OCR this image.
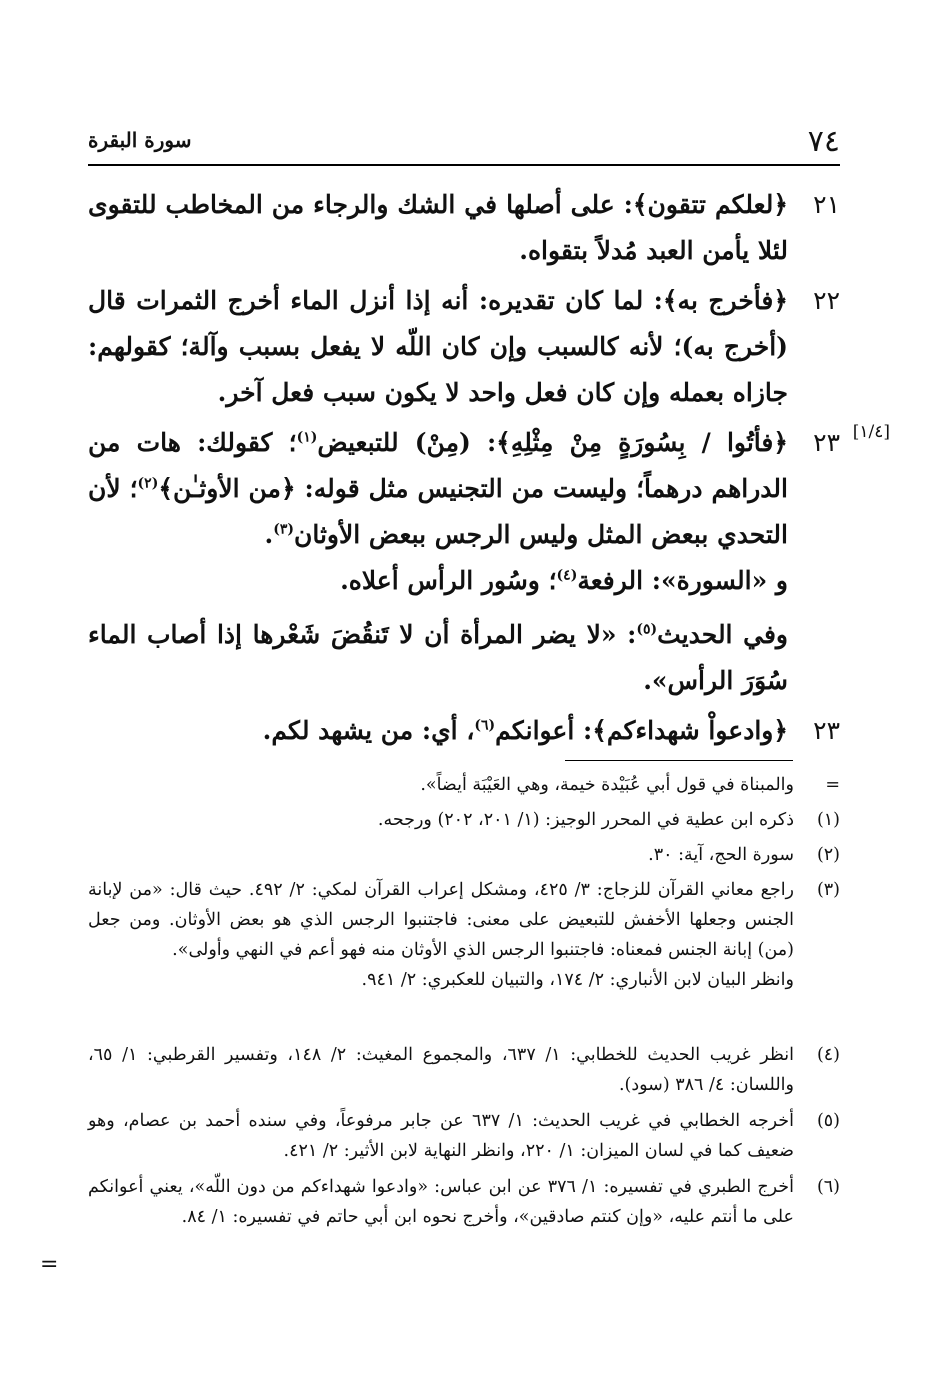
٧٤
سورة البقرة
٢١
﴿لعلكم تتقون﴾: على أصلها في الشك والرجاء من المخاطب للتقوى لئلا يأمن العبد مُدلاً بتقواه.
٢٢
﴿فأخرج به﴾: لما كان تقديره: أنه إذا أنزل الماء أخرج الثمرات قال (أخرج به)؛ لأنه كالسبب وإن كان اللّه لا يفعل بسبب وآلة؛ كقولهم: جازاه بعمله وإن كان فعل واحد لا يكون سبب فعل آخر.
٢٣ [١/٤]
﴿فأتُوا / بِسُورَةٍ مِنْ مِثْلِهِ﴾: (مِنْ) للتبعيض$^{(١)}$؛ كقولك: هات من الدراهم درهماً؛ وليست من التجنيس مثل قوله: ﴿من الأوثـٰن﴾$^{(٢)}$؛ لأن التحدي ببعض المثل وليس الرجس ببعض الأوثان$^{(٣)}$.
و «السورة»: الرفعة$^{(٤)}$؛ وسُور الرأس أعلاه.
وفي الحديث$^{(٥)}$: «لا يضر المرأة أن لا تَنقُضَ شَعْرها إذا أصاب الماء سُوَرَ الرأس».
٢٣
﴿وادعواْ شهداءكم﴾: أعوانكم$^{(٦)}$، أي: من يشهد لكم.
=
والمبناة في قول أبي عُبَيْدة خيمة، وهي العَيْبَة أيضاً».
(١)
ذكره ابن عطية في المحرر الوجيز: (١/ ٢٠١، ٢٠٢) ورجحه.
(٢)
سورة الحج، آية: ٣٠.
(٣)
راجع معاني القرآن للزجاج: ٣/ ٤٢٥، ومشكل إعراب القرآن لمكي: ٢/ ٤٩٢. حيث قال: «من لإبانة الجنس وجعلها الأخفش للتبعيض على معنى: فاجتنبوا الرجس الذي هو بعض الأوثان. ومن جعل (من) إبانة الجنس فمعناه: فاجتنبوا الرجس الذي الأوثان منه فهو أعم في النهي وأولى».
وانظر البيان لابن الأنباري: ٢/ ١٧٤، والتبيان للعكبري: ٢/ ٩٤١.
(٤)
انظر غريب الحديث للخطابي: ١/ ٦٣٧، والمجموع المغيث: ٢/ ١٤٨، وتفسير القرطبي: ١/ ٦٥، واللسان: ٤/ ٣٨٦ (سود).
(٥)
أخرجه الخطابي في غريب الحديث: ١/ ٦٣٧ عن جابر مرفوعاً، وفي سنده أحمد بن عصام، وهو ضعيف كما في لسان الميزان: ١/ ٢٢٠، وانظر النهاية لابن الأثير: ٢/ ٤٢١.
(٦)
أخرج الطبري في تفسيره: ١/ ٣٧٦ عن ابن عباس: «وادعوا شهداءكم من دون اللّه»، يعني أعوانكم على ما أنتم عليه، «وإن كنتم صادقين»، وأخرج نحوه ابن أبي حاتم في تفسيره: ١/ ٨٤.
=
